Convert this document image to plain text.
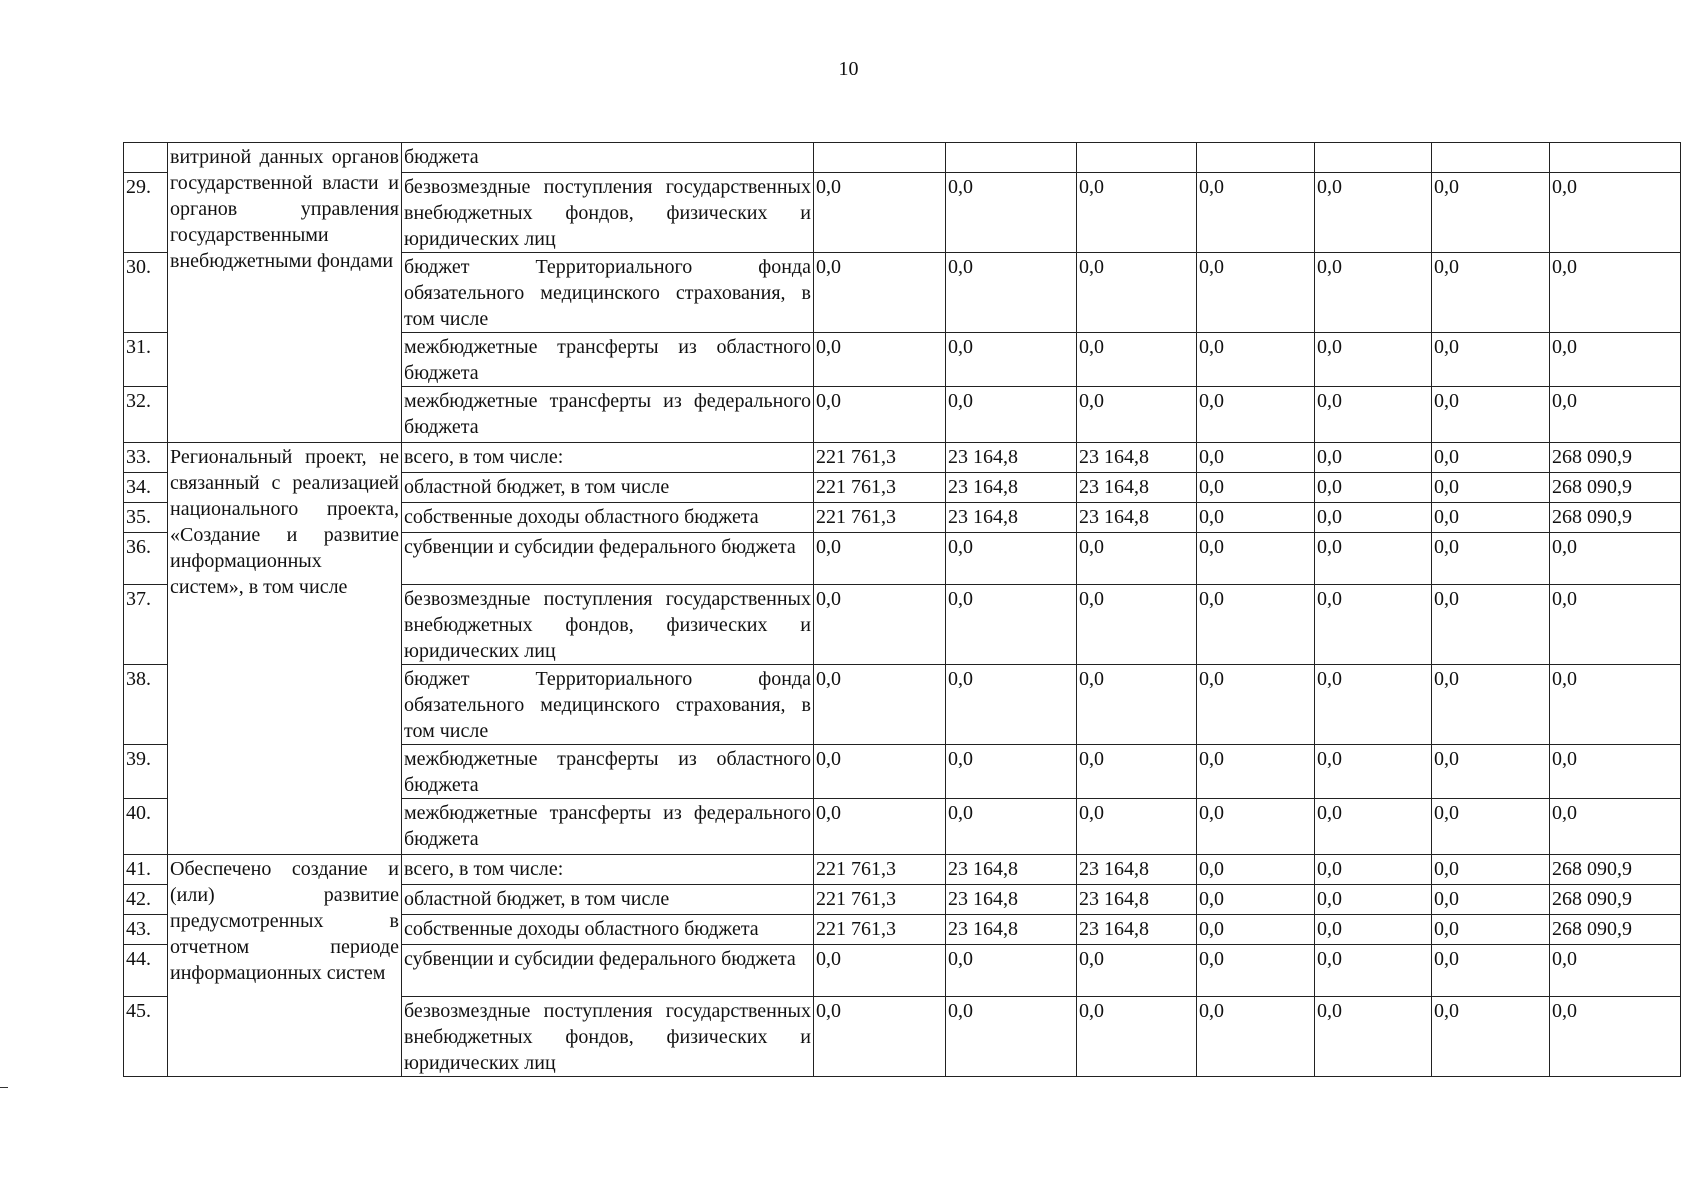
10
	витриной данных органов государственной власти и органов управления государственными внебюджетными фондами	бюджета							
29.		безвозмездные поступления государственных внебюджетных фондов, физических и юридических лиц	0,0	0,0	0,0	0,0	0,0	0,0	0,0
30.		бюджет Территориального фонда обязательного медицинского страхования, в том числе	0,0	0,0	0,0	0,0	0,0	0,0	0,0
31.		межбюджетные трансферты из областного бюджета	0,0	0,0	0,0	0,0	0,0	0,0	0,0
32.		межбюджетные трансферты из федерального бюджета	0,0	0,0	0,0	0,0	0,0	0,0	0,0
33.	Региональный проект, не связанный с реализацией национального проекта, «Создание и развитие информационных систем», в том числе	всего, в том числе:	221 761,3	23 164,8	23 164,8	0,0	0,0	0,0	268 090,9
34.		областной бюджет, в том числе	221 761,3	23 164,8	23 164,8	0,0	0,0	0,0	268 090,9
35.		собственные доходы областного бюджета	221 761,3	23 164,8	23 164,8	0,0	0,0	0,0	268 090,9
36.		субвенции и субсидии федерального бюджета	0,0	0,0	0,0	0,0	0,0	0,0	0,0
37.		безвозмездные поступления государственных внебюджетных фондов, физических и юридических лиц	0,0	0,0	0,0	0,0	0,0	0,0	0,0
38.		бюджет Территориального фонда обязательного медицинского страхования, в том числе	0,0	0,0	0,0	0,0	0,0	0,0	0,0
39.		межбюджетные трансферты из областного бюджета	0,0	0,0	0,0	0,0	0,0	0,0	0,0
40.		межбюджетные трансферты из федерального бюджета	0,0	0,0	0,0	0,0	0,0	0,0	0,0
41.	Обеспечено создание и (или) развитие предусмотренных в отчетном периоде информационных систем	всего, в том числе:	221 761,3	23 164,8	23 164,8	0,0	0,0	0,0	268 090,9
42.		областной бюджет, в том числе	221 761,3	23 164,8	23 164,8	0,0	0,0	0,0	268 090,9
43.		собственные доходы областного бюджета	221 761,3	23 164,8	23 164,8	0,0	0,0	0,0	268 090,9
44.		субвенции и субсидии федерального бюджета	0,0	0,0	0,0	0,0	0,0	0,0	0,0
45.		безвозмездные поступления государственных внебюджетных фондов, физических и юридических лиц	0,0	0,0	0,0	0,0	0,0	0,0	0,0
